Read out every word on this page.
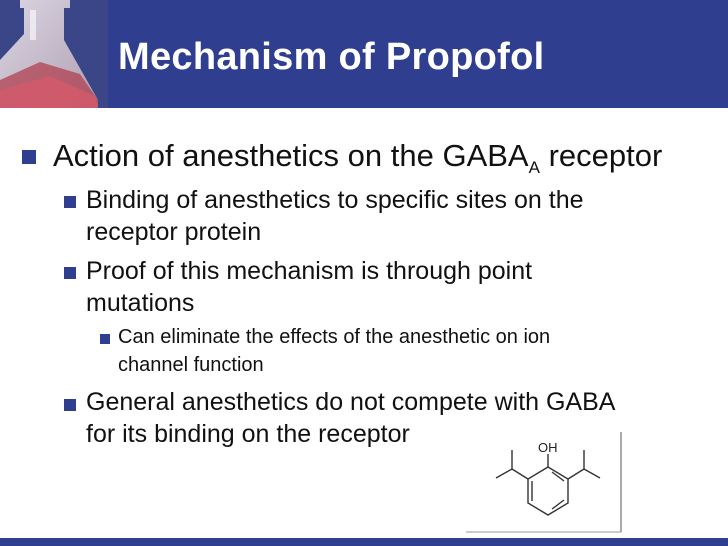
Mechanism of Propofol
Action of anesthetics on the $GABA_A$ receptor
Binding of anesthetics to specific sites on the
receptor protein
Proof of this mechanism is through point
mutations
Can eliminate the effects of the anesthetic on ion
channel function
General anesthetics do not compete with GABA
for its binding on the receptor	OH
